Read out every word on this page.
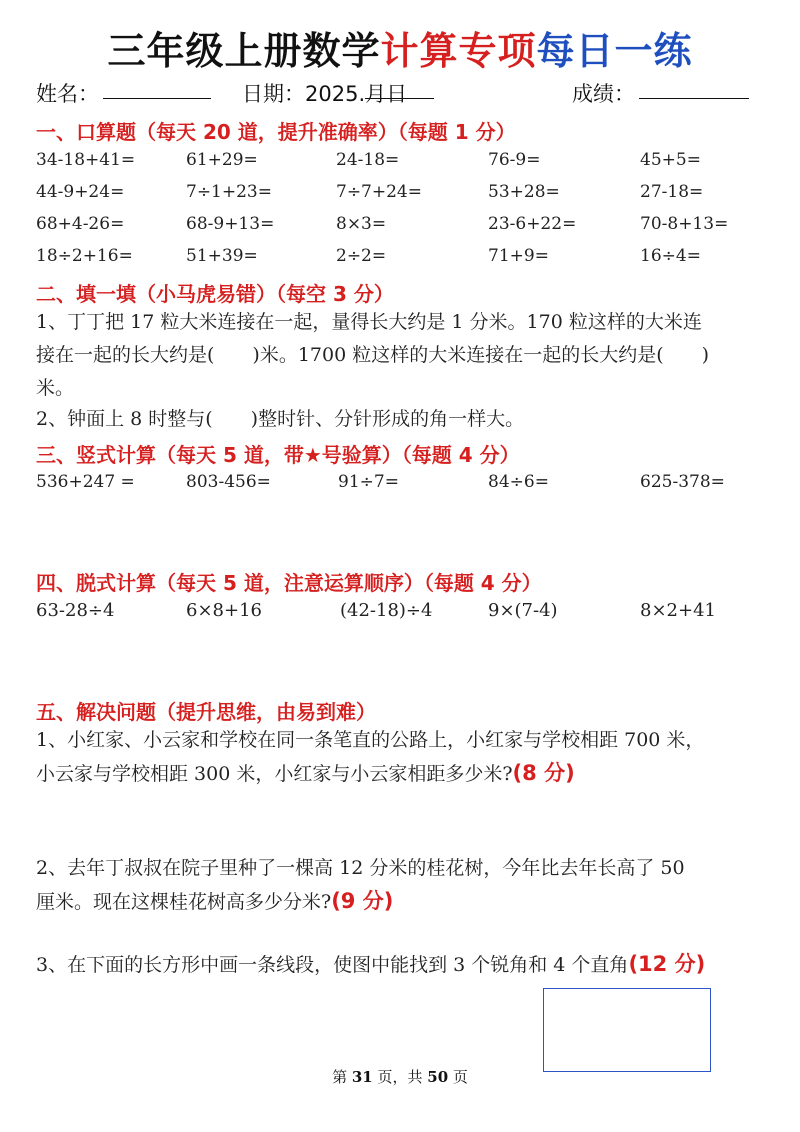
三年级上册数学计算专项每日一练
姓名：	日期：2025.
月
日	成绩：
一、口算题（每天 20 道，提升准确率）（每题 1 分）
34-18+41=	61+29=	24-18=	76-9=	45+5=
44-9+24=	7÷1+23=	7÷7+24=	53+28=	27-18=
68+4-26=	68-9+13=	8×3=	23-6+22=	70-8+13=
18÷2+16=	51+39=	2÷2=	71+9=	16÷4=
二、填一填（小马虎易错）（每空 3 分）
1、丁丁把 17 粒大米连接在一起，量得长大约是 1 分米。170 粒这样的大米连
接在一起的长大约是(　　)米。1700 粒这样的大米连接在一起的长大约是(　　)
米。
2、钟面上 8 时整与(　　)整时针、分针形成的角一样大。
三、竖式计算（每天 5 道，带★号验算）（每题 4 分）
536+247 =	803-456=	91÷7=	84÷6=	625-378=
四、脱式计算（每天 5 道，注意运算顺序）（每题 4 分）
63-28÷4	6×8+16	(42-18)÷4	9×(7-4)	8×2+41
五、解决问题（提升思维，由易到难）
1、小红家、小云家和学校在同一条笔直的公路上，小红家与学校相距 700 米，
小云家与学校相距 300 米，小红家与小云家相距多少米?(8 分)
2、去年丁叔叔在院子里种了一棵高 12 分米的桂花树，今年比去年长高了 50
厘米。现在这棵桂花树高多少分米?(9 分)
3、在下面的长方形中画一条线段，使图中能找到 3 个锐角和 4 个直角(12 分)
第 31 页，共 50 页
